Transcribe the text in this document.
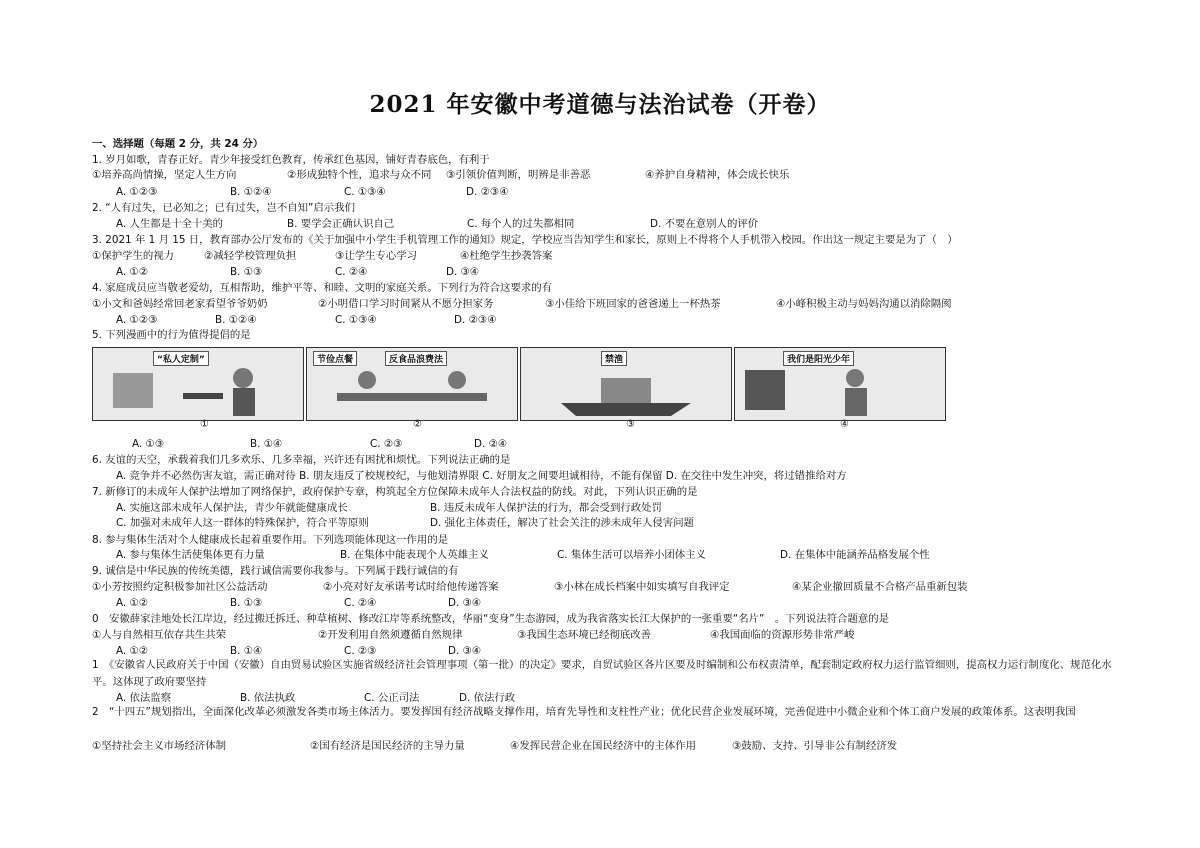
2021 年安徽中考道德与法治试卷（开卷）
一、选择题（每题 2 分，共 24 分）
1. 岁月如歌，青春正好。青少年接受红色教育，传承红色基因，铺好青春底色，有利于
①培养高尚情操，坚定人生方向	②形成独特个性，追求与众不同 ③引领价值判断，明辨是非善恶	④养护自身精神，体会成长快乐
A. ①②③	B. ①②④	C. ①③④	D. ②③④
2. “人有过失，已必知之；已有过失，岂不自知”启示我们
A. 人生都是十全十美的	B. 要学会正确认识自己	C. 每个人的过失都相同	D. 不要在意别人的评价
3. 2021 年 1 月 15 日，教育部办公厅发布的《关于加强中小学生手机管理工作的通知》规定，学校应当告知学生和家长，原则上不得将个人手机带入校园。作出这一规定主要是为了（　）
①保护学生的视力	②减轻学校管理负担	③让学生专心学习	④杜绝学生抄袭答案
A. ①②	B. ①③	C. ②④	D. ③④
4. 家庭成员应当敬老爱幼，互相帮助，维护平等、和睦、文明的家庭关系。下列行为符合这要求的有
①小文和爸妈经常回老家看望爷爷奶奶	②小明借口学习时间紧从不愿分担家务	③小佳给下班回家的爸爸递上一杯热茶	④小峰积极主动与妈妈沟通以消除隔阂
A. ①②③	B. ①②④	C. ①③④	D. ②③④
5. 下列漫画中的行为值得提倡的是
“私人定制”	节俭点餐	反食品浪费法	禁渔	我们是阳光少年
①	②	③	④
A. ①③	B. ①④	C. ②③	D. ②④
6. 友谊的天空，承载着我们几多欢乐、几多幸福，兴许还有困扰和烦忧。下列说法正确的是
A. 竞争并不必然伤害友谊，需正确对待 B. 朋友违反了校规校纪，与他划清界限 C. 好朋友之间要坦诚相待，不能有保留 D. 在交往中发生冲突，将过错推给对方
7. 新修订的未成年人保护法增加了网络保护，政府保护专章，构筑起全方位保障未成年人合法权益的防线。对此，下列认识正确的是
A. 实施这部未成年人保护法，青少年就能健康成长	B. 违反未成年人保护法的行为，都会受到行政处罚
C. 加强对未成年人这一群体的特殊保护，符合平等原则	D. 强化主体责任，解决了社会关注的涉未成年人侵害问题
8. 参与集体生活对个人健康成长起着重要作用。下列选项能体现这一作用的是
A. 参与集体生活使集体更有力量	B. 在集体中能表现个人英雄主义	C. 集体生活可以培养小团体主义	D. 在集体中能涵养品格发展个性
9. 诚信是中华民族的传统美德，践行诚信需要你我参与。下列属于践行诚信的有
①小芳按照约定积极参加社区公益活动	②小亮对好友承诺考试时给他传递答案	③小林在成长档案中如实填写自我评定	④某企业撤回质量不合格产品重新包装
A. ①②	B. ①③	C. ②④	D. ③④
0　安徽薛家洼地处长江岸边，经过搬迁拆迁、种草植树、修改江岸等系统整改，华丽“变身”生态游园，成为我省落实长江大保护的一张重要“名片”　。下列说法符合题意的是
①人与自然相互依存共生共荣	②开发利用自然须遵循自然规律	③我国生态环境已经彻底改善	④我国面临的资源形势非常严峻
A. ①②	B. ①④	C. ②③	D. ③④
1　《安徽省人民政府关于中国（安徽）自由贸易试验区实施省级经济社会管理事项（第一批）的决定》要求，自贸试验区各片区要及时编制和公布权责清单，配套制定政府权力运行监管细则，提高权力运行制度化、规范化水平。这体现了政府要坚持
A. 依法监察	B. 依法执政	C. 公正司法	D. 依法行政
2　“十四五”规划指出，全面深化改革必须激发各类市场主体活力。要发挥国有经济战略支撑作用，培育先导性和支柱性产业；优化民营企业发展环境，完善促进中小微企业和个体工商户发展的政策体系。这表明我国
①坚持社会主义市场经济体制	②国有经济是国民经济的主导力量	④发挥民营企业在国民经济中的主体作用	③鼓励、支持、引导非公有制经济发
